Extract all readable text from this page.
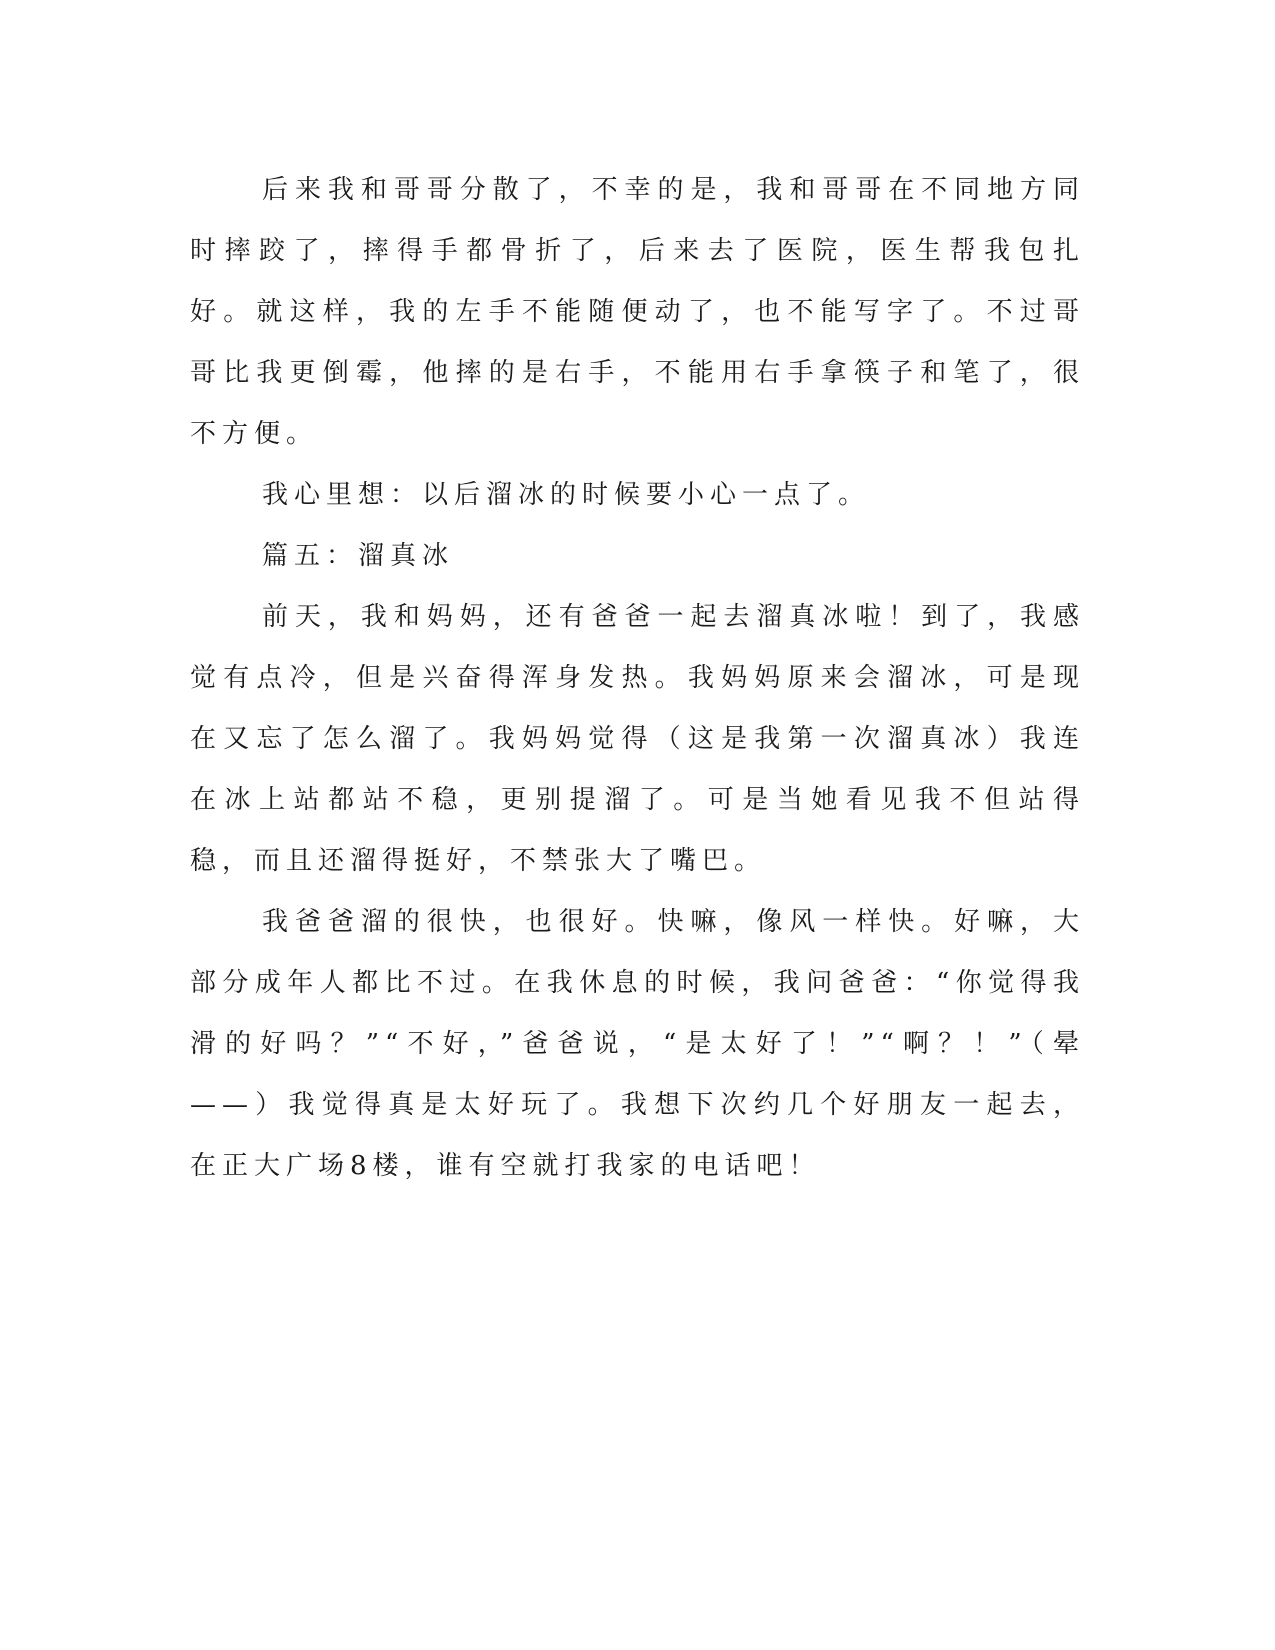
后来我和哥哥分散了，不幸的是，我和哥哥在不同地方同时摔跤了，摔得手都骨折了，后来去了医院，医生帮我包扎好。就这样，我的左手不能随便动了，也不能写字了。不过哥哥比我更倒霉，他摔的是右手，不能用右手拿筷子和笔了，很不方便。

我心里想：以后溜冰的时候要小心一点了。

篇五：溜真冰

前天，我和妈妈，还有爸爸一起去溜真冰啦！到了，我感觉有点冷，但是兴奋得浑身发热。我妈妈原来会溜冰，可是现在又忘了怎么溜了。我妈妈觉得（这是我第一次溜真冰）我连在冰上站都站不稳，更别提溜了。可是当她看见我不但站得稳，而且还溜得挺好，不禁张大了嘴巴。

我爸爸溜的很快，也很好。快嘛，像风一样快。好嘛，大部分成年人都比不过。在我休息的时候，我问爸爸：“你觉得我滑的好吗？”“不好，”爸爸说，“是太好了！”“啊？！”（晕——）我觉得真是太好玩了。我想下次约几个好朋友一起去，在正大广场8楼，谁有空就打我家的电话吧！
